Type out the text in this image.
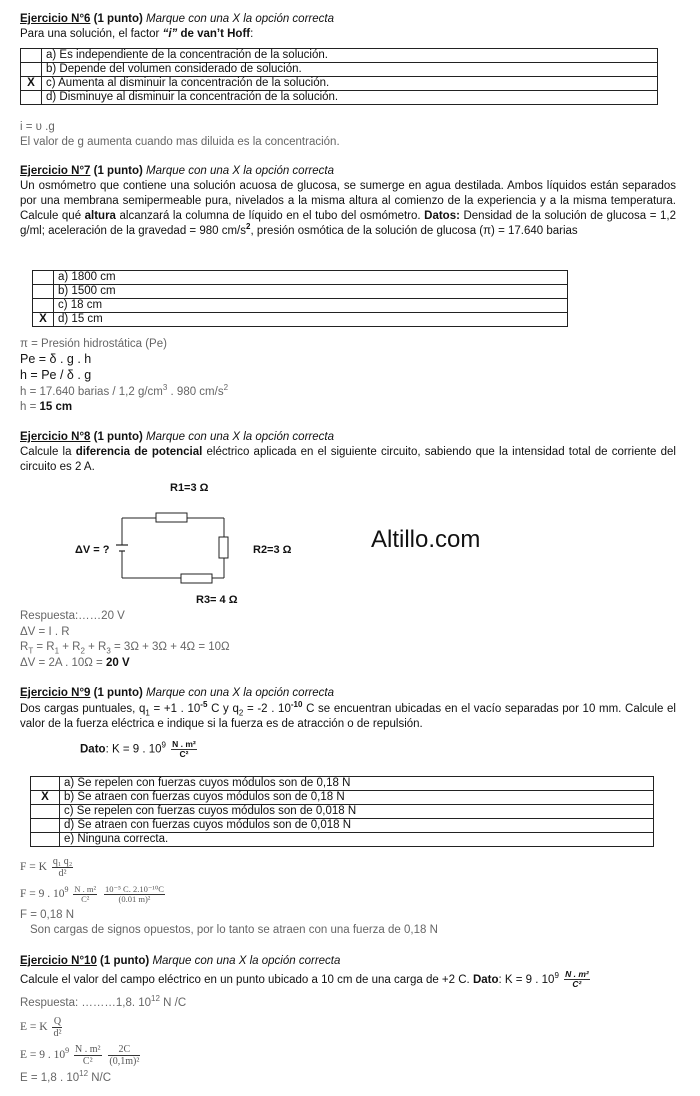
Ejercicio N°6 (1 punto) Marque con una X la opción correcta
Para una solución, el factor “i” de van’t Hoff:
	a) Es independiente de la concentración de la solución.
	b) Depende del volumen considerado de solución.
X	c) Aumenta al disminuir la concentración de la solución.
	d) Disminuye al disminuir la concentración de la solución.
i = υ .g
El valor de g aumenta cuando mas diluida es la concentración.
Ejercicio N°7 (1 punto) Marque con una X la opción correcta
Un osmómetro que contiene una solución acuosa de glucosa, se sumerge en agua destilada. Ambos líquidos están separados por una membrana semipermeable pura, nivelados a la misma altura al comienzo de la experiencia y a la misma temperatura. Calcule qué altura alcanzará la columna de líquido en el tubo del osmómetro. Datos: Densidad de la solución de glucosa = 1,2 g/ml; aceleración de la gravedad = 980 $cm/s^2$, presión osmótica de la solución de glucosa (π) = 17.640 barias
	a) 1800 cm
	b) 1500 cm
	c) 18 cm
X	d) 15 cm
π = Presión hidrostática (Pe)
Pe = δ . g . h
h = Pe / δ . g
h = 17.640 barias / 1,2 $g/cm^3$ . 980 $cm/s^2$
h = 15 cm
Ejercicio N°8 (1 punto) Marque con una X la opción correcta
Calcule la diferencia de potencial eléctrico aplicada en el siguiente circuito, sabiendo que la intensidad total de corriente del circuito es 2 A.
R1=3 Ω
R2=3 Ω
R3= 4 Ω
ΔV = ?	Altillo.com
Respuesta:……20 V
ΔV = I . R
$R_T = R_1 + R_2 + R_3 = 3\Omega + 3\Omega + 4\Omega = 10\Omega$
ΔV = 2A . 10Ω = 20 V
Ejercicio N°9 (1 punto) Marque con una X la opción correcta
Dos cargas puntuales, $q_1 = +1$ . $10^{-5}$ C y $q_2 = -2$ . $10^{-10}$ C se encuentran ubicadas en el vacío separadas por 10 mm. Calcule el valor de la fuerza eléctrica e indique si la fuerza es de atracción o de repulsión.
Dato: K = 9 . $10^9 \frac{\text{N . m²}}{\text{C²}}$
	a) Se repelen con fuerzas cuyos módulos son de 0,18 N
X	b) Se atraen con fuerzas cuyos módulos son de 0,18 N
	c) Se repelen con fuerzas cuyos módulos son de 0,018 N
	d) Se atraen con fuerzas cuyos módulos son de 0,018 N
	e) Ninguna correcta.
F = K $\frac{\text{q₁ q₂}}{\text{d²}}$
F = 9 . $10^9 \frac{\text{N . m²}}{\text{C²}}$
$\frac{\text{10⁻⁵ C. 2.10⁻¹⁰C}}{\text{(0.01 m)²}}$
F = 0,18 N
Son cargas de signos opuestos, por lo tanto se atraen con una fuerza de 0,18 N
Ejercicio N°10 (1 punto) Marque con una X la opción correcta
Calcule el valor del campo eléctrico en un punto ubicado a 10 cm de una carga de +2 C. Dato: K = 9 . $10^9 \frac{\text{N . m²}}{\text{C²}}$
Respuesta: ………1,8. $10^{12}$ N /C
E = K $\frac{Q}{\text{d²}}$
E = 9 . $10^9 \frac{\text{N . m²}}{\text{C²}}$
$\frac{2C}{\text{(0,1m)²}}$
E = 1,8 . $10^{12}$ N/C
